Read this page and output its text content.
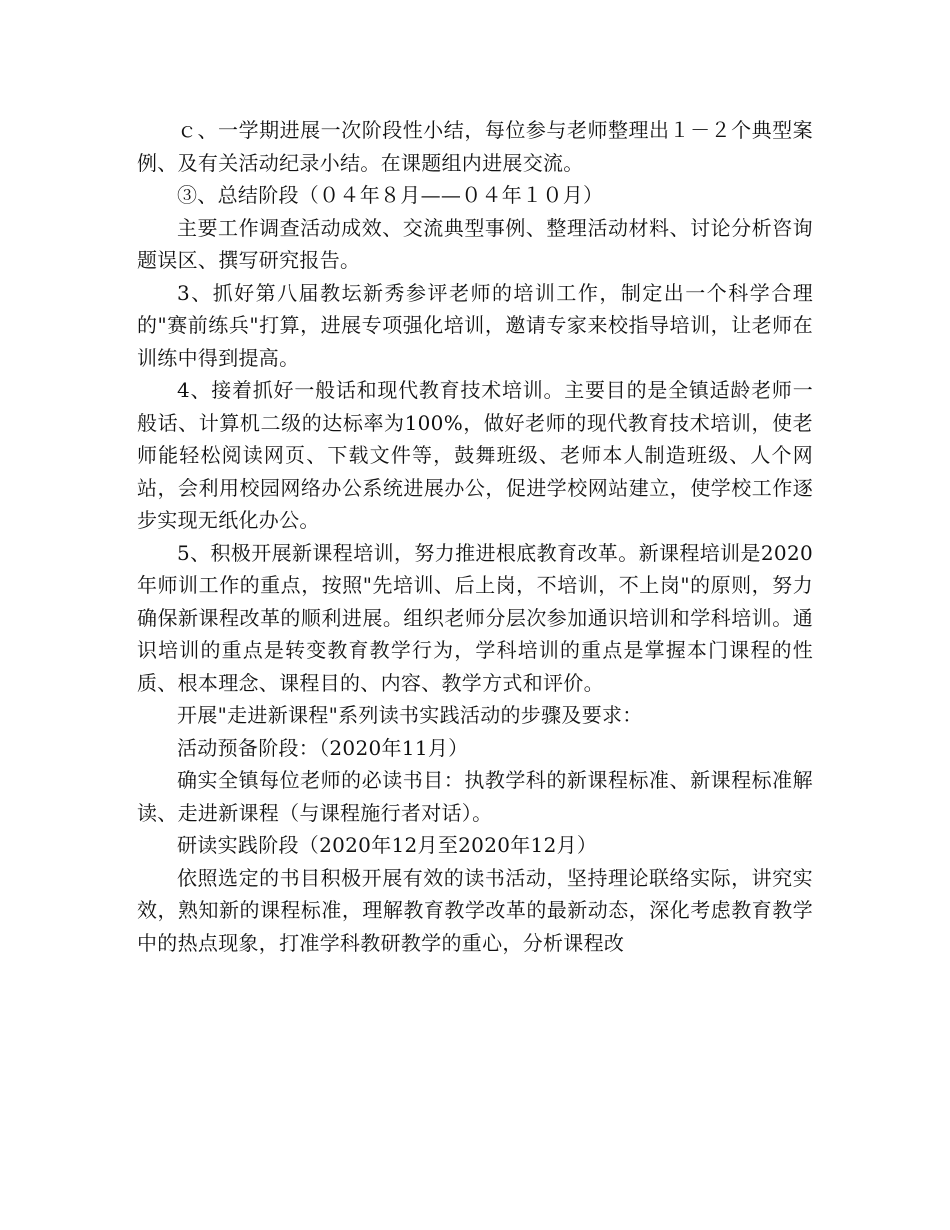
ｃ、一学期进展一次阶段性小结，每位参与老师整理出１－２个典型案例、及有关活动纪录小结。在课题组内进展交流。

③、总结阶段（０４年８月——０４年１０月）

主要工作调查活动成效、交流典型事例、整理活动材料、讨论分析咨询题误区、撰写研究报告。

3、抓好第八届教坛新秀参评老师的培训工作，制定出一个科学合理的"赛前练兵"打算，进展专项强化培训，邀请专家来校指导培训，让老师在训练中得到提高。

4、接着抓好一般话和现代教育技术培训。主要目的是全镇适龄老师一般话、计算机二级的达标率为100%，做好老师的现代教育技术培训，使老师能轻松阅读网页、下载文件等，鼓舞班级、老师本人制造班级、人个网站，会利用校园网络办公系统进展办公，促进学校网站建立，使学校工作逐步实现无纸化办公。

5、积极开展新课程培训，努力推进根底教育改革。新课程培训是2020年师训工作的重点，按照"先培训、后上岗，不培训，不上岗"的原则，努力确保新课程改革的顺利进展。组织老师分层次参加通识培训和学科培训。通识培训的重点是转变教育教学行为，学科培训的重点是掌握本门课程的性质、根本理念、课程目的、内容、教学方式和评价。

开展"走进新课程"系列读书实践活动的步骤及要求：

活动预备阶段：（2020年11月）

确实全镇每位老师的必读书目：执教学科的新课程标准、新课程标准解读、走进新课程（与课程施行者对话）。

研读实践阶段（2020年12月至2020年12月）

依照选定的书目积极开展有效的读书活动，坚持理论联络实际，讲究实效，熟知新的课程标准，理解教育教学改革的最新动态，深化考虑教育教学中的热点现象，打准学科教研教学的重心，分析课程改
